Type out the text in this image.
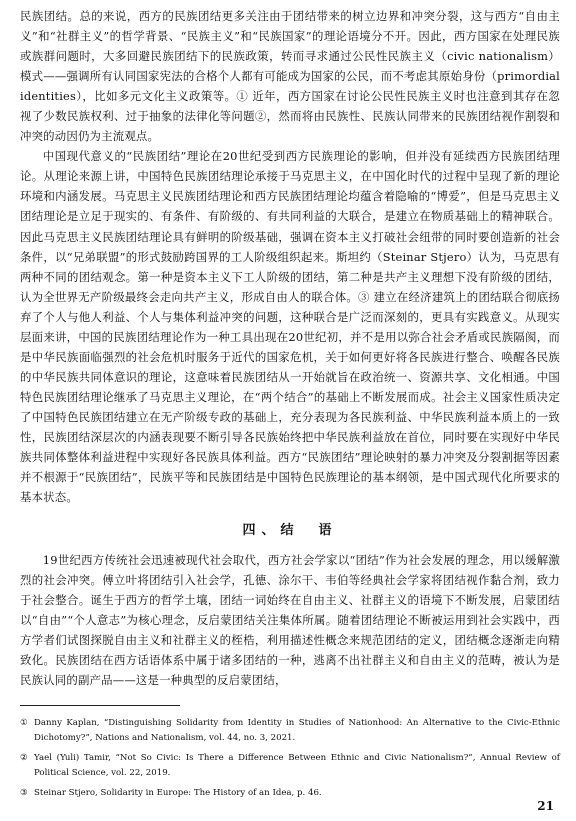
民族团结。总的来说，西方的民族团结更多关注由于团结带来的树立边界和冲突分裂，这与西方“自由主义”和“社群主义”的哲学背景、“民族主义”和“民族国家”的理论语境分不开。因此，西方国家在处理民族或族群问题时，大多回避民族团结下的民族政策，转而寻求通过公民性民族主义（civic nationalism）模式——强调所有认同国家宪法的合格个人都有可能成为国家的公民，而不考虑其原始身份（primordial identities），比如多元文化主义政策等。① 近年，西方国家在讨论公民性民族主义时也注意到其存在忽视了少数民族权利、过于抽象的法律化等问题②，然而将由民族性、民族认同带来的民族团结视作割裂和冲突的动因仍为主流观点。

中国现代意义的“民族团结”理论在20世纪受到西方民族理论的影响，但并没有延续西方民族团结理论。从理论来源上讲，中国特色民族团结理论承接于马克思主义，在中国化时代的过程中呈现了新的理论环境和内涵发展。马克思主义民族团结理论和西方民族团结理论均蕴含着隐喻的“博爱”，但是马克思主义团结理论是立足于现实的、有条件、有阶级的、有共同利益的大联合，是建立在物质基础上的精神联合。因此马克思主义民族团结理论具有鲜明的阶级基础，强调在资本主义打破社会纽带的同时要创造新的社会条件，以“兄弟联盟”的形式鼓励跨国界的工人阶级组织起来。斯坦约（Steinar Stjero）认为，马克思有两种不同的团结观念。第一种是资本主义下工人阶级的团结，第二种是共产主义理想下没有阶级的团结，认为全世界无产阶级最终会走向共产主义，形成自由人的联合体。③ 建立在经济建筑上的团结联合彻底扬弃了个人与他人利益、个人与集体利益冲突的问题，这种联合是广泛而深刻的，更具有实践意义。从现实层面来讲，中国的民族团结理论作为一种工具出现在20世纪初，并不是用以弥合社会矛盾或民族隔阂，而是中华民族面临强烈的社会危机时服务于近代的国家危机，关于如何更好将各民族进行整合、唤醒各民族的中华民族共同体意识的理论，这意味着民族团结从一开始就旨在政治统一、资源共享、文化相通。中国特色民族团结理论继承了马克思主义理论，在“两个结合”的基础上不断发展而成。社会主义国家性质决定了中国特色民族团结建立在无产阶级专政的基础上，充分表现为各民族利益、中华民族利益本质上的一致性，民族团结深层次的内涵表现要不断引导各民族始终把中华民族利益放在首位，同时要在实现好中华民族共同体整体利益进程中实现好各民族具体利益。西方“民族团结”理论映射的暴力冲突及分裂割据等因素并不根源于“民族团结”，民族平等和民族团结是中国特色民族理论的基本纲领，是中国式现代化所要求的基本状态。

四、结　语

19世纪西方传统社会迅速被现代社会取代，西方社会学家以“团结”作为社会发展的理念，用以缓解激烈的社会冲突。傅立叶将团结引入社会学，孔德、涂尔干、韦伯等经典社会学家将团结视作黏合剂，致力于社会整合。诞生于西方的哲学土壤，团结一词始终在自由主义、社群主义的语境下不断发展，启蒙团结以“自由”“个人意志”为核心理念，反启蒙团结关注集体所属。随着团结理论不断被运用到社会实践中，西方学者们试图探脱自由主义和社群主义的桎梏，利用描述性概念来规范团结的定义，团结概念逐渐走向精致化。民族团结在西方话语体系中属于诸多团结的一种，逃离不出社群主义和自由主义的范畴，被认为是民族认同的副产品——这是一种典型的反启蒙团结，

① Danny Kaplan, “Distinguishing Solidarity from Identity in Studies of Nationhood: An Alternative to the Civic-Ethnic Dichotomy?”, Nations and Nationalism, vol. 44, no. 3, 2021.

② Yael (Yuli) Tamir, “Not So Civic: Is There a Difference Between Ethnic and Civic Nationalism?”, Annual Review of Political Science, vol. 22, 2019.

③ Steinar Stjero, Solidarity in Europe: The History of an Idea, p. 46.

21
